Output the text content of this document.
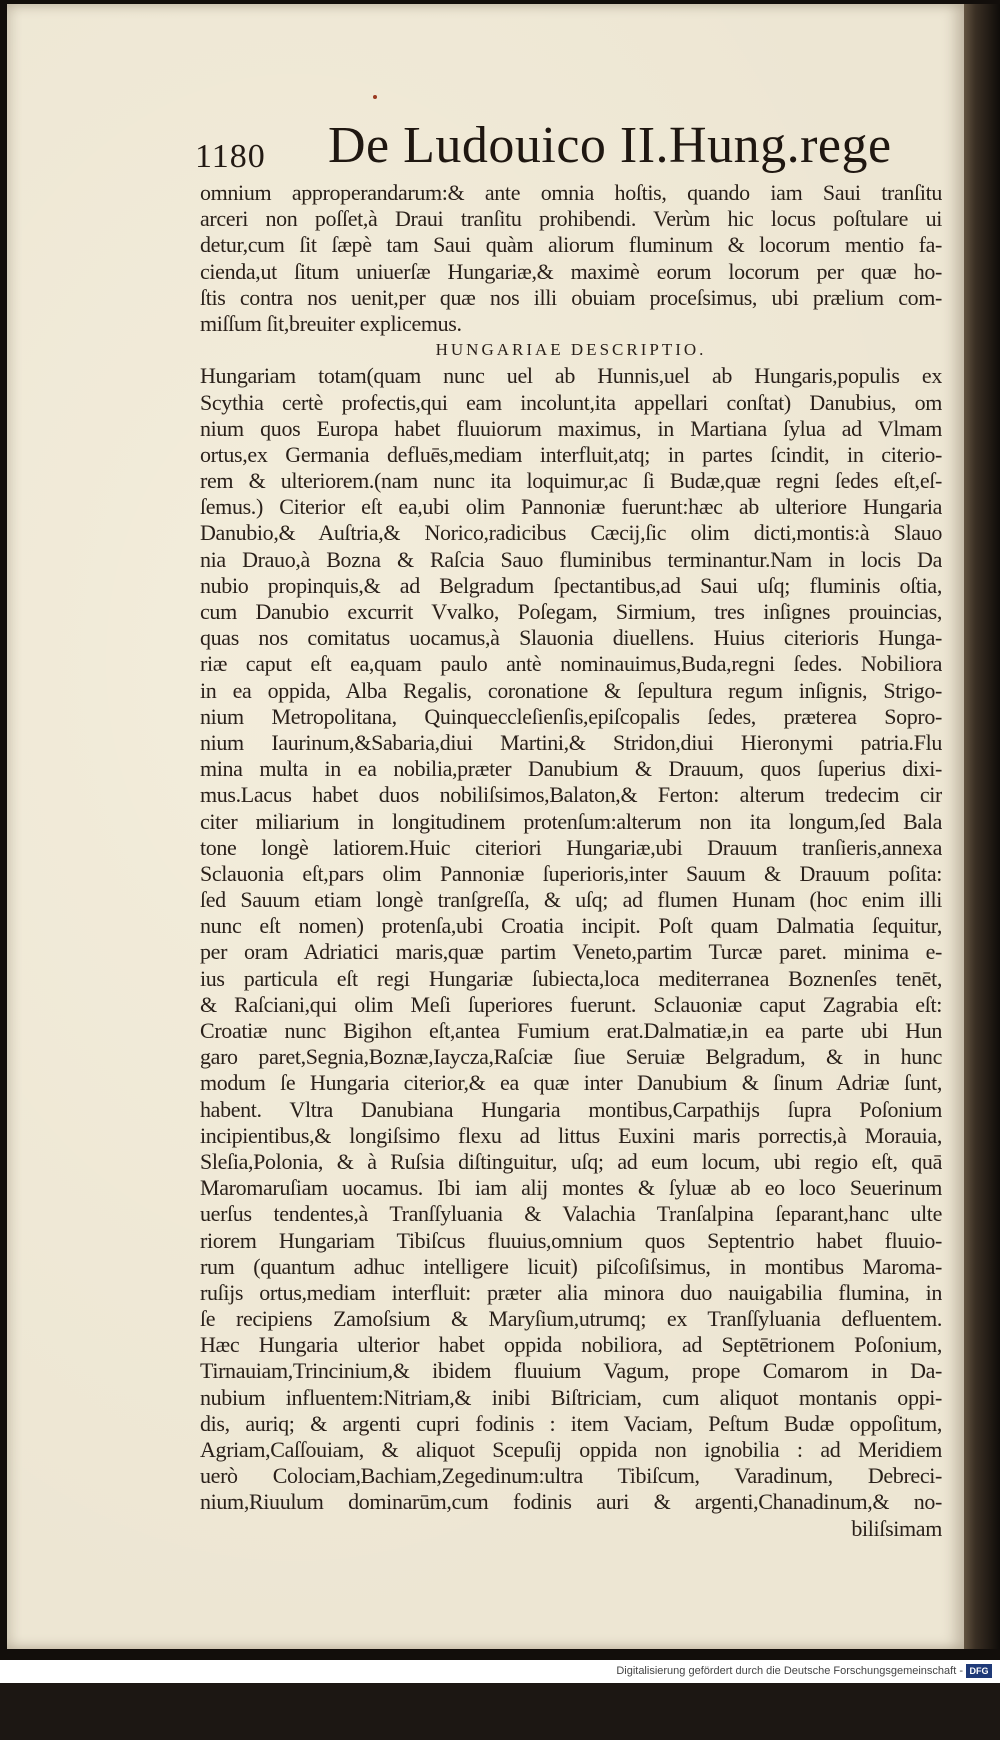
1180 De Ludouico II.Hung.rege
omnium approperandarum:& ante omnia hoſtis, quando iam Saui tranſitu
arceri non poſſet,à Draui tranſitu prohibendi. Verùm hic locus poſtulare ui
detur,cum ſit ſæpè tam Saui quàm aliorum fluminum & locorum mentio fa-
cienda,ut ſitum uniuerſæ Hungariæ,& maximè eorum locorum per quæ ho-
ſtis contra nos uenit,per quæ nos illi obuiam proceſsimus, ubi prælium com-
miſſum ſit,breuiter explicemus.
HUNGARIAE DESCRIPTIO.
Hungariam totam(quam nunc uel ab Hunnis,uel ab Hungaris,populis ex
Scythia certè profectis,qui eam incolunt,ita appellari conſtat) Danubius, om
nium quos Europa habet fluuiorum maximus, in Martiana ſylua ad Vlmam
ortus,ex Germania defluēs,mediam interfluit,atq; in partes ſcindit, in citerio-
rem & ulteriorem.(nam nunc ita loquimur,ac ſi Budæ,quæ regni ſedes eſt,eſ-
ſemus.) Citerior eſt ea,ubi olim Pannoniæ fuerunt:hæc ab ulteriore Hungaria
Danubio,& Auſtria,& Norico,radicibus Cæcij,ſic olim dicti,montis:à Slauo
nia Drauo,à Bozna & Raſcia Sauo fluminibus terminantur.Nam in locis Da
nubio propinquis,& ad Belgradum ſpectantibus,ad Saui uſq; fluminis oſtia,
cum Danubio excurrit Vvalko, Poſegam, Sirmium, tres inſignes prouincias,
quas nos comitatus uocamus,à Slauonia diuellens. Huius citerioris Hunga-
riæ caput eſt ea,quam paulo antè nominauimus,Buda,regni ſedes. Nobiliora
in ea oppida, Alba Regalis, coronatione & ſepultura regum inſignis, Strigo-
nium Metropolitana, Quinqueccleſienſis,epiſcopalis ſedes, præterea Sopro-
nium Iaurinum,&Sabaria,diui Martini,& Stridon,diui Hieronymi patria.Flu
mina multa in ea nobilia,præter Danubium & Drauum, quos ſuperius dixi-
mus.Lacus habet duos nobiliſsimos,Balaton,& Ferton: alterum tredecim cir
citer miliarium in longitudinem protenſum:alterum non ita longum,ſed Bala
tone longè latiorem.Huic citeriori Hungariæ,ubi Drauum tranſieris,annexa
Sclauonia eſt,pars olim Pannoniæ ſuperioris,inter Sauum & Drauum poſita:
ſed Sauum etiam longè tranſgreſſa, & uſq; ad flumen Hunam (hoc enim illi
nunc eſt nomen) protenſa,ubi Croatia incipit. Poſt quam Dalmatia ſequitur,
per oram Adriatici maris,quæ partim Veneto,partim Turcæ paret. minima e-
ius particula eſt regi Hungariæ ſubiecta,loca mediterranea Boznenſes tenēt,
& Raſciani,qui olim Meſi ſuperiores fuerunt. Sclauoniæ caput Zagrabia eſt:
Croatiæ nunc Bigihon eſt,antea Fumium erat.Dalmatiæ,in ea parte ubi Hun
garo paret,Segnia,Boznæ,Iaycza,Raſciæ ſiue Seruiæ Belgradum, & in hunc
modum ſe Hungaria citerior,& ea quæ inter Danubium & ſinum Adriæ ſunt,
habent. Vltra Danubiana Hungaria montibus,Carpathijs ſupra Poſonium
incipientibus,& longiſsimo flexu ad littus Euxini maris porrectis,à Morauia,
Sleſia,Polonia, & à Ruſsia diſtinguitur, uſq; ad eum locum, ubi regio eſt, quā
Maromaruſiam uocamus. Ibi iam alij montes & ſyluæ ab eo loco Seuerinum
uerſus tendentes,à Tranſſyluania & Valachia Tranſalpina ſeparant,hanc ulte
riorem Hungariam Tibiſcus fluuius,omnium quos Septentrio habet fluuio-
rum (quantum adhuc intelligere licuit) piſcoſiſsimus, in montibus Maroma-
ruſijs ortus,mediam interfluit: præter alia minora duo nauigabilia flumina, in
ſe recipiens Zamoſsium & Maryſium,utrumq; ex Tranſſyluania defluentem.
Hæc Hungaria ulterior habet oppida nobiliora, ad Septētrionem Poſonium,
Tirnauiam,Trincinium,& ibidem fluuium Vagum, prope Comarom in Da-
nubium influentem:Nitriam,& inibi Biſtriciam, cum aliquot montanis oppi-
dis, auriq; & argenti cupri fodinis : item Vaciam, Peſtum Budæ oppoſitum,
Agriam,Caſſouiam, & aliquot Scepuſij oppida non ignobilia : ad Meridiem
uerò Colociam,Bachiam,Zegedinum:ultra Tibiſcum, Varadinum, Debreci-
nium,Riuulum dominarūm,cum fodinis auri & argenti,Chanadinum,& no-
biliſsimam
Digitalisierung gefördert durch die Deutsche Forschungsgemeinschaft - DFG
